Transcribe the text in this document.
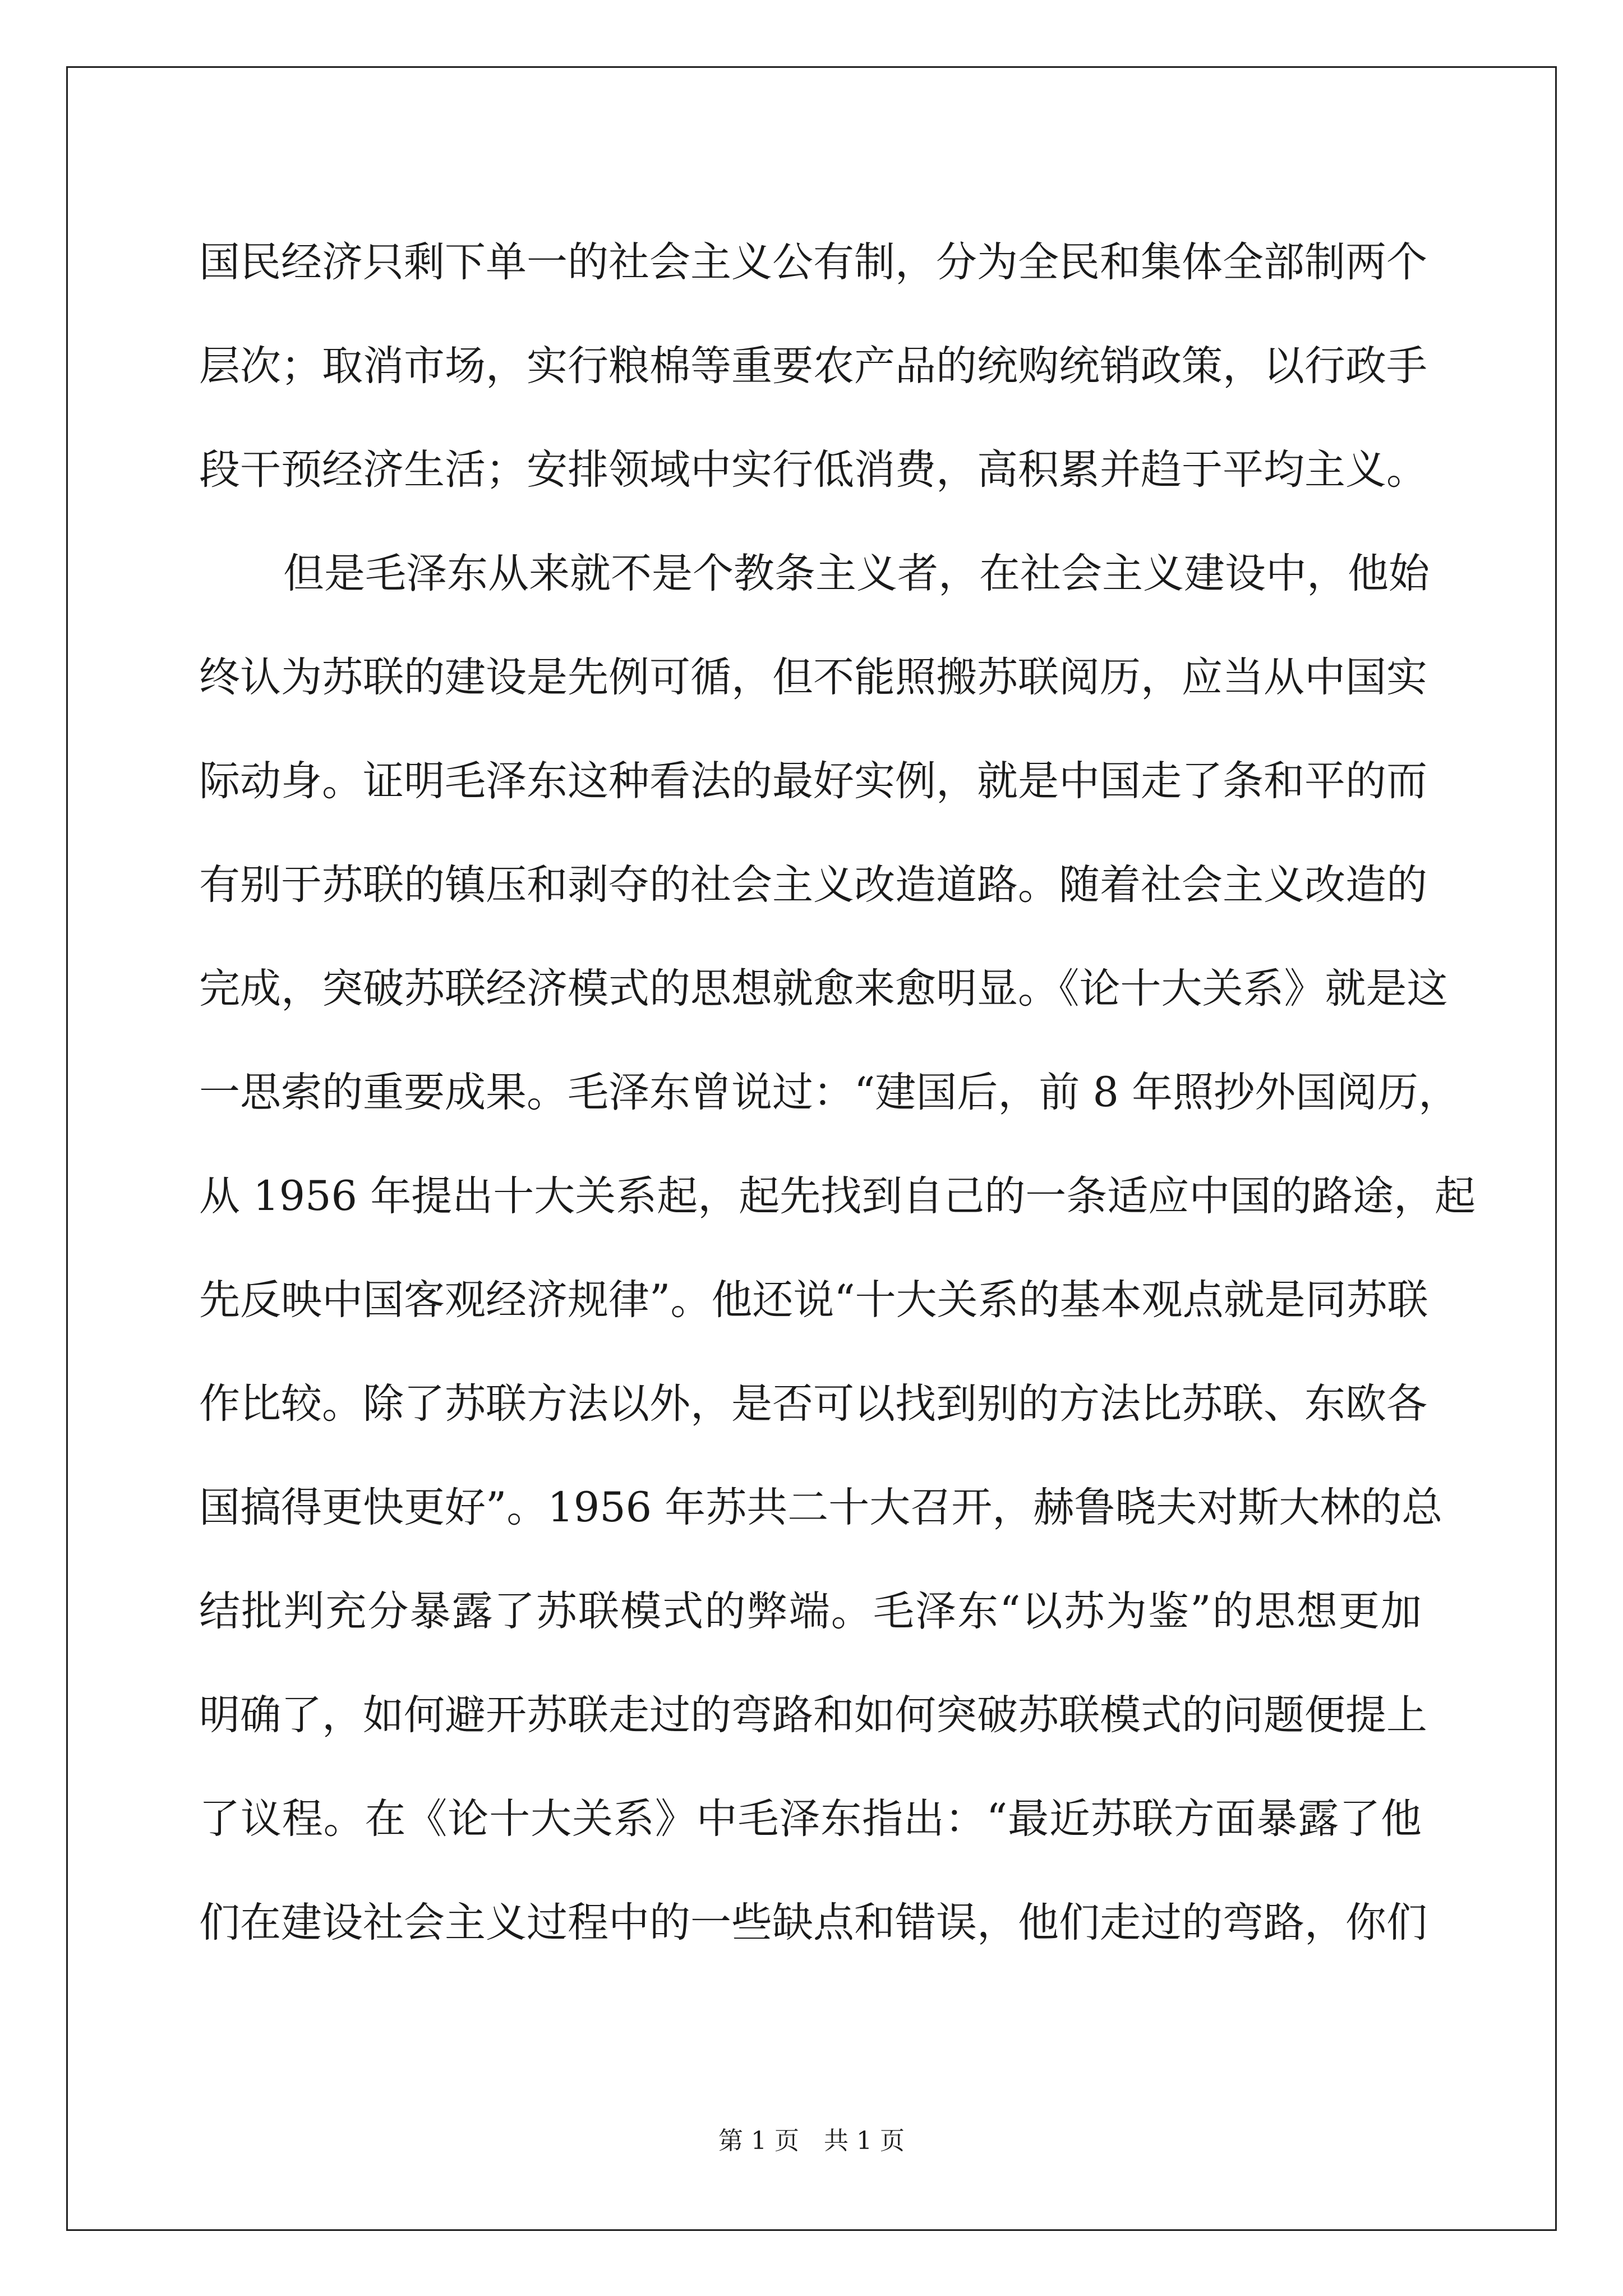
国民经济只剩下单一的社会主义公有制，分为全民和集体全部制两个
层次；取消市场，实行粮棉等重要农产品的统购统销政策，以行政手
段干预经济生活；安排领域中实行低消费，高积累并趋于平均主义。
但是毛泽东从来就不是个教条主义者，在社会主义建设中，他始
终认为苏联的建设是先例可循，但不能照搬苏联阅历，应当从中国实
际动身。证明毛泽东这种看法的最好实例，就是中国走了条和平的而
有别于苏联的镇压和剥夺的社会主义改造道路。随着社会主义改造的
完成，突破苏联经济模式的思想就愈来愈明显。《论十大关系》就是这
一思索的重要成果。毛泽东曾说过：“建国后，前 8 年照抄外国阅历，
从 1956 年提出十大关系起，起先找到自己的一条适应中国的路途，起
先反映中国客观经济规律”。他还说“十大关系的基本观点就是同苏联
作比较。除了苏联方法以外，是否可以找到别的方法比苏联、东欧各
国搞得更快更好”。1956 年苏共二十大召开，赫鲁晓夫对斯大林的总
结批判充分暴露了苏联模式的弊端。毛泽东“以苏为鉴”的思想更加
明确了，如何避开苏联走过的弯路和如何突破苏联模式的问题便提上
了议程。在《论十大关系》中毛泽东指出：“最近苏联方面暴露了他
们在建设社会主义过程中的一些缺点和错误，他们走过的弯路，你们
第 1 页　共 1 页
